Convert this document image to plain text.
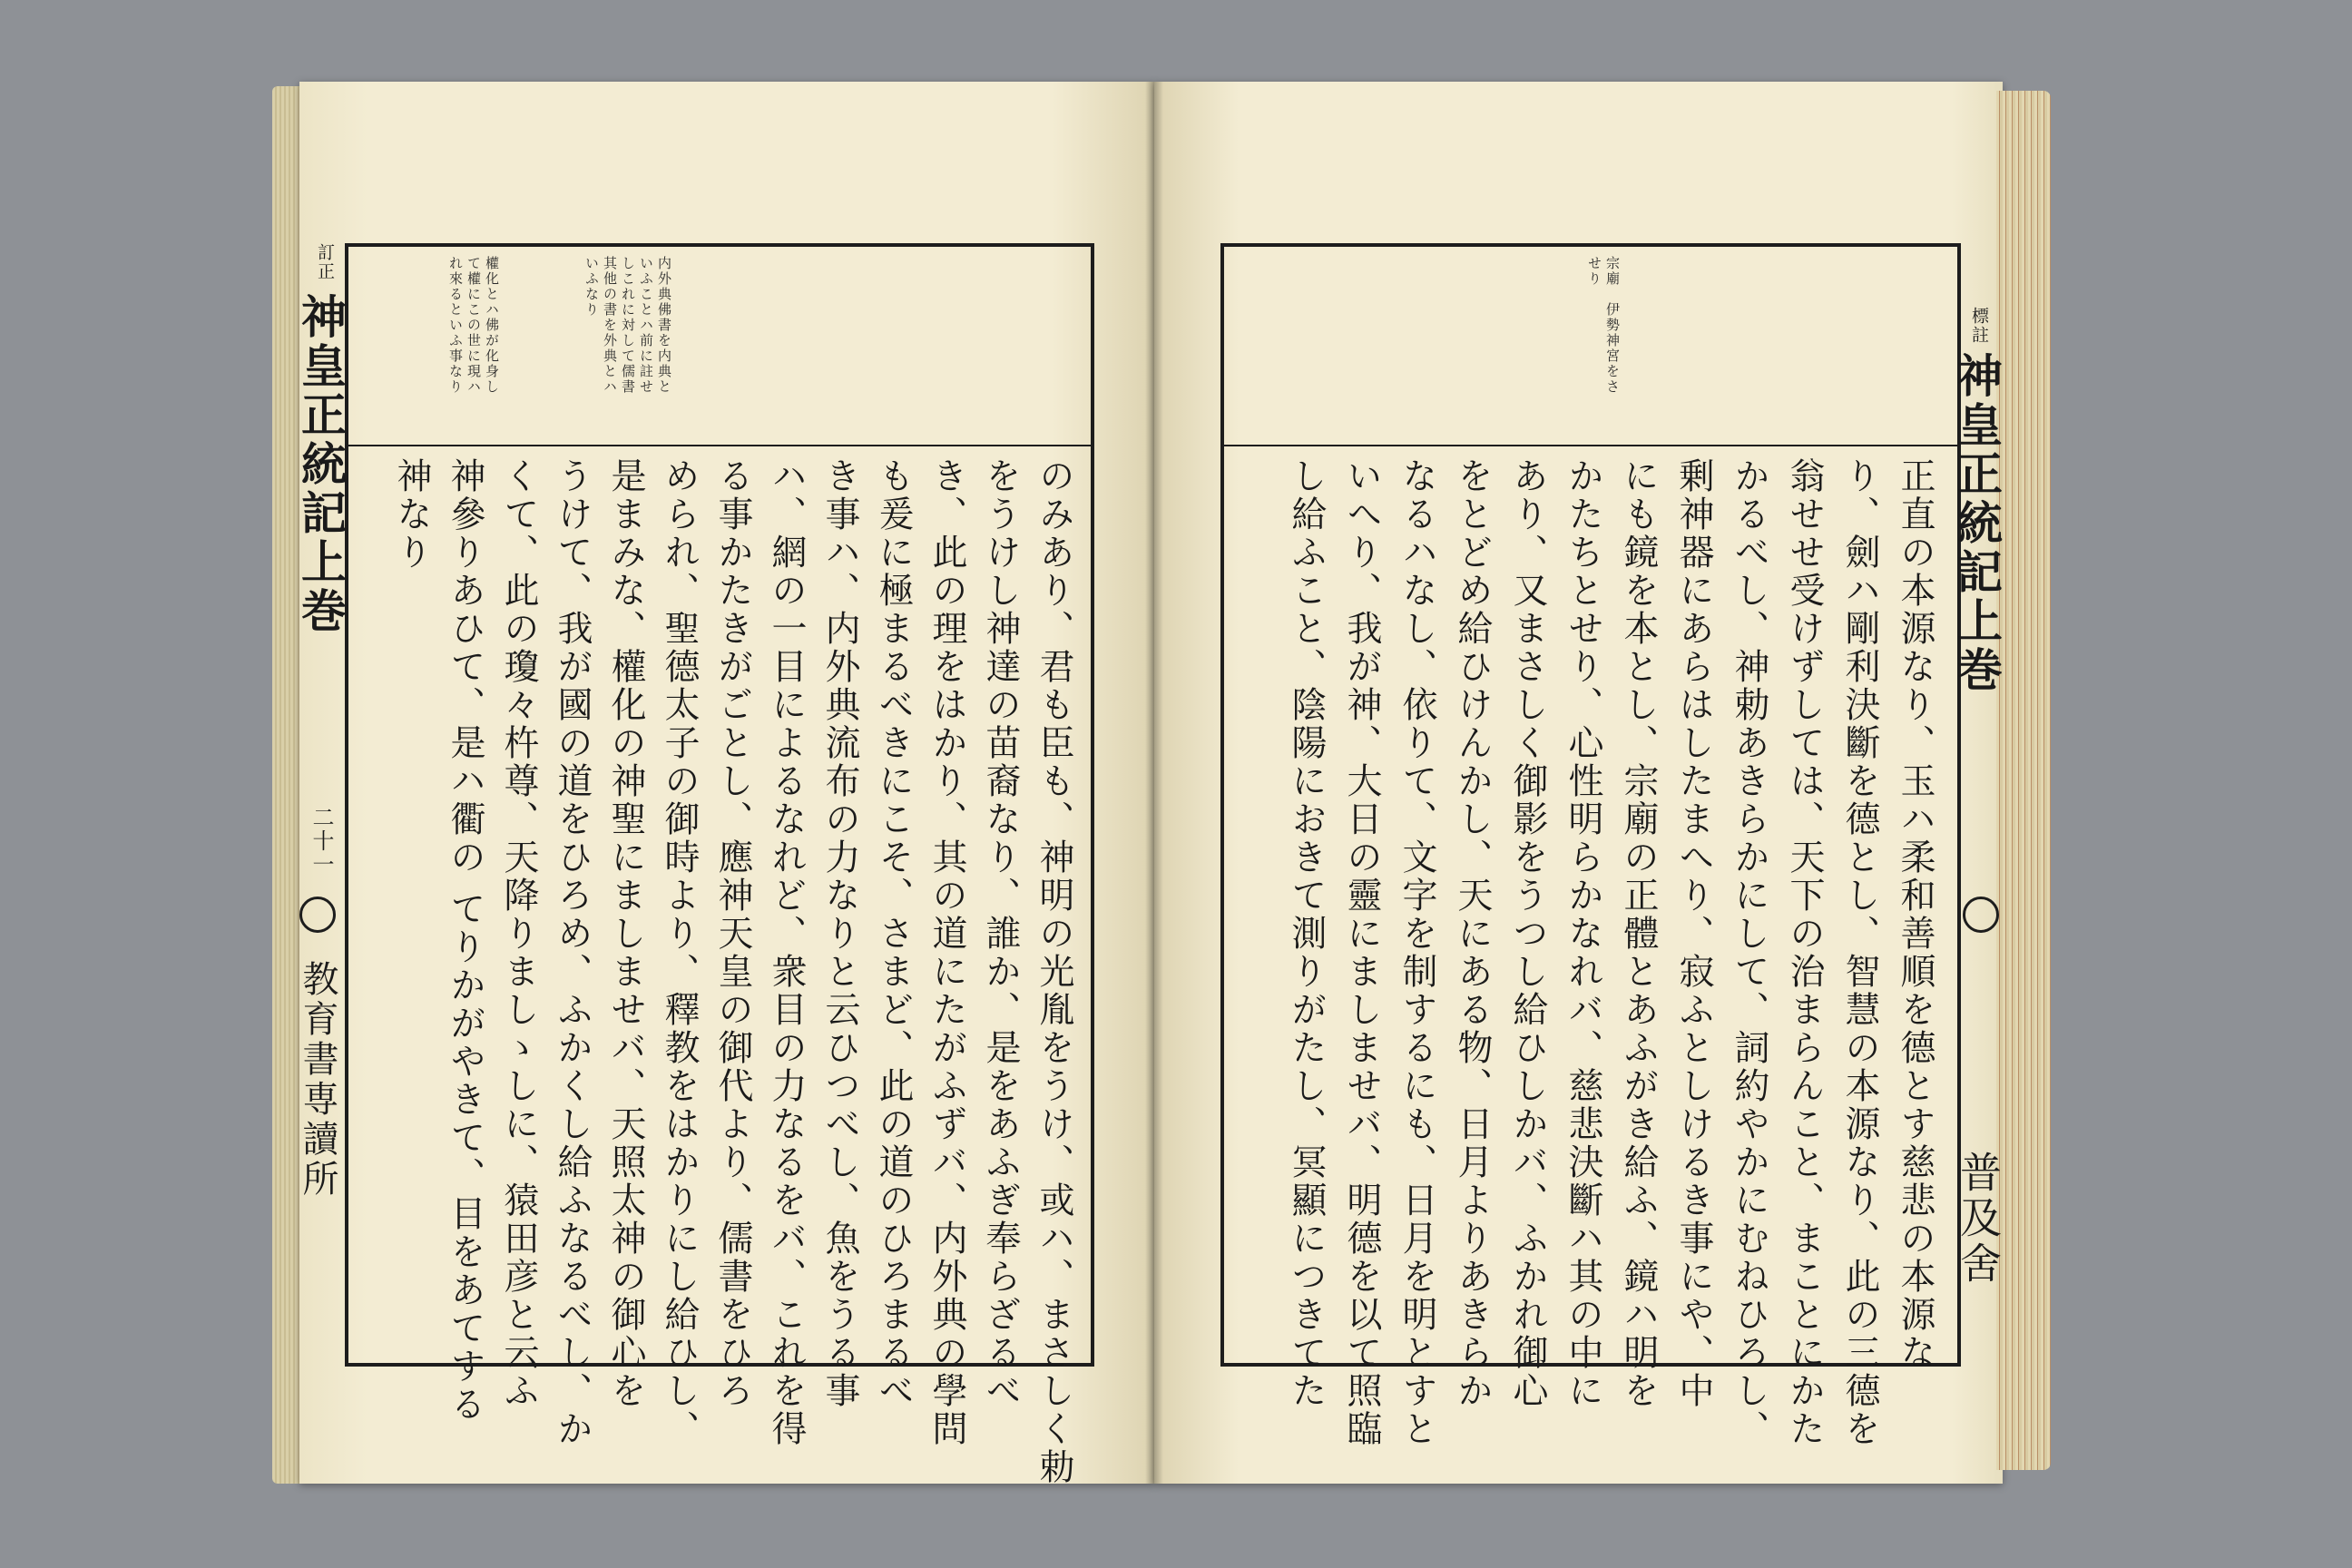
内外典佛書を内典と
いふことハ前に註せ
しこれに対して儒書
其他の書を外典とハ
いふなり
權化とハ佛が化身し
て權にこの世に現ハ
れ來るといふ事なり
のみあり、君も臣も、神明の光胤をうけ、或ハ、まさしく勅
をうけし神達の苗裔なり、誰か、是をあふぎ奉らざるべ
き、此の理をはかり、其の道にたがふずバ、内外典の學問
も爰に極まるべきにこそ、さまど、此の道のひろまるべ
き事ハ、内外典流布の力なりと云ひつべし、魚をうる事
ハ、網の一目によるなれど、衆目の力なるをバ、これを得
る事かたきがごとし、應神天皇の御代より、儒書をひろ
められ、聖德太子の御時より、釋教をはかりにし給ひし、
是まみな、權化の神聖にましませバ、天照太神の御心を
うけて、我が國の道をひろめ、ふかくし給ふなるべし、か
くて、此の瓊々杵尊、天降りましゝしに、猿田彦と云ふ
神參りあひて、是ハ衢の てりかがやきて、目をあてする
神なり
訂正
神皇正統記上巻
二十一
教育書専讀所
宗廟　伊勢神宮をさ
せり
正直の本源なり、玉ハ柔和善順を德とす慈悲の本源な
り、劍ハ剛利決斷を德とし、智慧の本源なり、此の三德を
翁せせ受けずしては、天下の治まらんこと、まことにかた
かるべし、神勅あきらかにして、詞約やかにむねひろし、
剰神器にあらはしたまへり、寂ふとしけるき事にや、中
にも鏡を本とし、宗廟の正體とあふがき給ふ、鏡ハ明を
かたちとせり、心性明らかなれバ、慈悲決斷ハ其の中に
あり、又まさしく御影をうつし給ひしかバ、ふかれ御心
をとどめ給ひけんかし、天にある物、日月よりあきらか
なるハなし、依りて、文字を制するにも、日月を明とすと
いへり、我が神、大日の靈にましませバ、明德を以て照臨
し給ふこと、陰陽におきて測りがたし、冥顯につきてた
標註
神皇正統記上巻
普及舍
